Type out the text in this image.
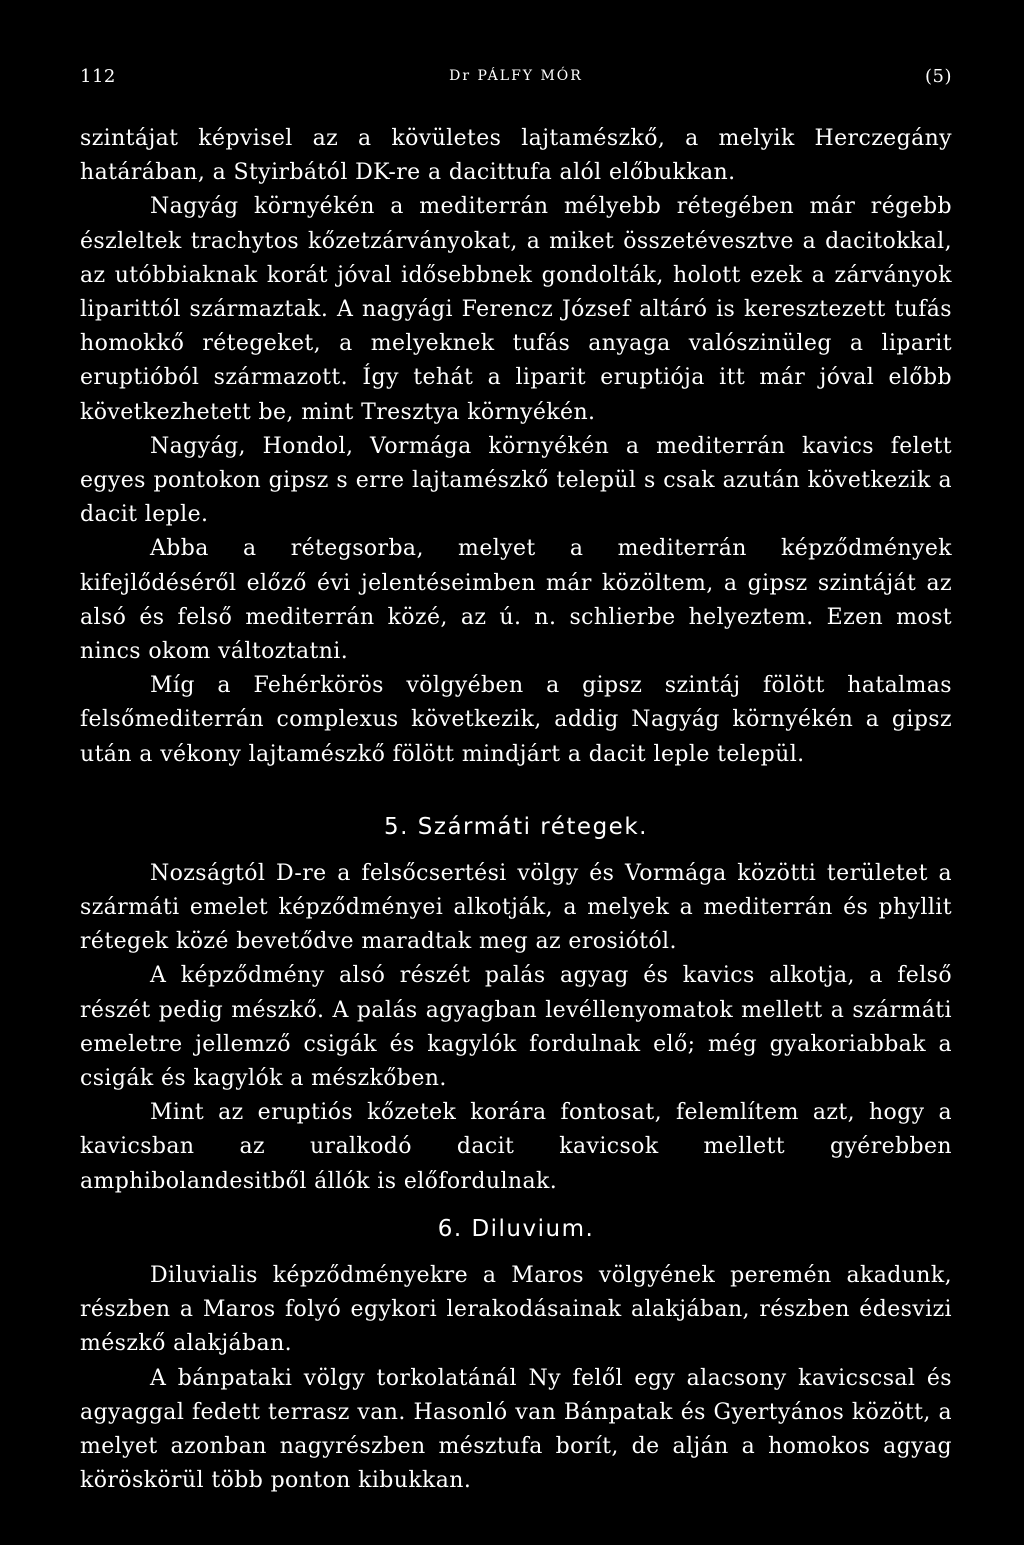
112	Dr PÁLFY MÓR	(5)

szintájat képvisel az a kövületes lajtamészkő, a melyik Herczegány határában, a Styirbától DK-re a dacittufa alól előbukkan.

Nagyág környékén a mediterrán mélyebb rétegében már régebb észleltek trachytos kőzetzárványokat, a miket összetévesztve a dacitokkal, az utóbbiaknak korát jóval idősebbnek gondolták, holott ezek a zárványok liparittól származtak. A nagyági Ferencz József altáró is keresztezett tufás homokkő rétegeket, a melyeknek tufás anyaga valószinüleg a liparit eruptióból származott. Így tehát a liparit eruptiója itt már jóval előbb következhetett be, mint Tresztya környékén.

Nagyág, Hondol, Vormága környékén a mediterrán kavics felett egyes pontokon gipsz s erre lajtamészkő települ s csak azután következik a dacit leple.

Abba a rétegsorba, melyet a mediterrán képződmények kifejlődéséről előző évi jelentéseimben már közöltem, a gipsz szintáját az alsó és felső mediterrán közé, az ú. n. schlierbe helyeztem. Ezen most nincs okom változtatni.

Míg a Fehérkörös völgyében a gipsz szintáj fölött hatalmas felsőmediterrán complexus következik, addig Nagyág környékén a gipsz után a vékony lajtamészkő fölött mindjárt a dacit leple települ.

5. Szármáti rétegek.

Nozságtól D-re a felsőcsertési völgy és Vormága közötti területet a szármáti emelet képződményei alkotják, a melyek a mediterrán és phyllit rétegek közé bevetődve maradtak meg az erosiótól.

A képződmény alsó részét palás agyag és kavics alkotja, a felső részét pedig mészkő. A palás agyagban levéllenyomatok mellett a szármáti emeletre jellemző csigák és kagylók fordulnak elő; még gyakoriabbak a csigák és kagylók a mészkőben.

Mint az eruptiós kőzetek korára fontosat, felemlítem azt, hogy a kavicsban az uralkodó dacit kavicsok mellett gyérebben amphibolandesitből állók is előfordulnak.

6. Diluvium.

Diluvialis képződményekre a Maros völgyének peremén akadunk, részben a Maros folyó egykori lerakodásainak alakjában, részben édesvizi mészkő alakjában.

A bánpataki völgy torkolatánál Ny felől egy alacsony kavicscsal és agyaggal fedett terrasz van. Hasonló van Bánpatak és Gyertyános között, a melyet azonban nagyrészben mésztufa borít, de alján a homokos agyag köröskörül több ponton kibukkan.
